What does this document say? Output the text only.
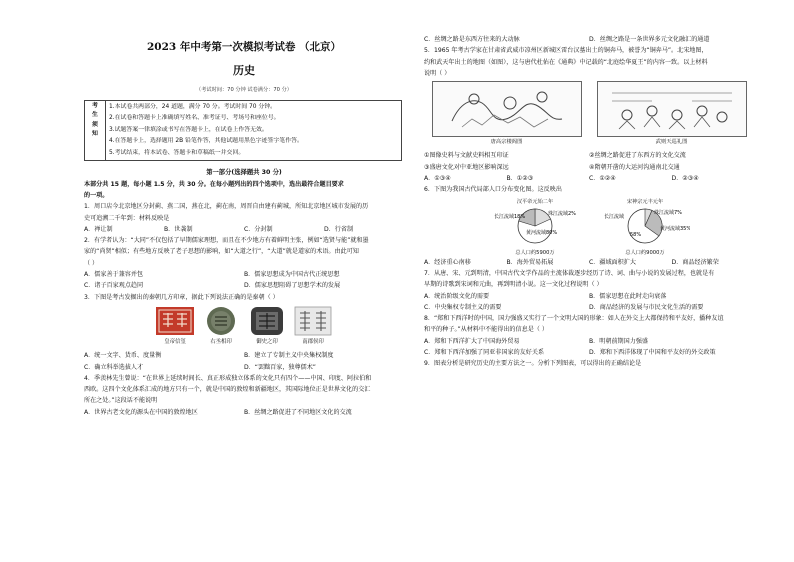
2023 年中考第一次模拟考试卷 （北京）
历史
（考试时间：70 分钟 试卷满分：70 分）
考
生
须
知

1.本试卷共两部分，24 道题，满分 70 分。考试时间 70 分钟。
2.在试卷和答题卡上准确填写姓名、准考证号、考场号和座位号。
3.试题答案一律填涂或书写在答题卡上，在试卷上作答无效。
4.在答题卡上，选择题用 2B 铅笔作答，其他试题用黑色字迹签字笔作答。
5.考试结束，将本试卷、答题卡和草稿纸一并交回。
第一部分(选择题共 30 分)
本部分共 15 题，每小题 1.5 分，共 30 分。在每小题列出的四个选项中，选出最符合题目要求
的一项。
1．周口店今北京地区分封蓟、燕二国，燕在北，蓟在南，周晋自由建有蓟城，所知北京地区城市发展的历
史可追溯二千年到：材料反映是
A．禅让制	B．世袭制	C．分封制	D．行省制
2．有学者认为：“大同”不仅包括了早期儒家理想，而且在不少地方有着鲜明主张，例如“选贤与能”就和墨
家的“尚贤”相似；有些地方反映了老子思想的影响，如“大道之行”，“大道”就是道家的术语。由此可知
（ ）
A．儒家善于兼容并包	B．儒家思想成为中国古代正统思想
C．诸子百家观点趋同	D．儒家思想阻碍了思想学术的发展
3．下图是考古发掘出的秦朝几方印章，据此下列说法正确的是秦朝（ ）
皇帝信玺	右丞相印	御史之印	南郡侯印
A．统一文字、货币、度量衡	B．建立了专制主义中央集权制度
C．确立科举选拔人才	D．“罢黜百家，独尊儒术”
4．季羡林先生曾说：“在世界上延续时间长、真正形成独立体系的文化只有四个——中国、印度、阿拉伯和
西欧。这四个文化体系汇成的地方只有一个，就是中国的敦煌和新疆地区，其国际地位正是世界文化的交汇
所在之处。”这段话不能说明
A．世界古老文化的源头在中国的敦煌地区	B．丝绸之路促进了不同地区文化的交流
C．丝绸之路是东西方往来的大动脉	D．丝绸之路是一条世界多元文化融汇的通道
5．1965 年考古学家在甘肃省武威市凉州区新城区雷台汉墓出土的铜奔马，被誉为“铜奔马”。北宋地图，
约和武天年出土的地图（如图），这与唐代杜佑在《通典》中记载的“北庭绘华夏王”的内容一致。以上材料
说明（ ）
唐高宗楼阁图	武则天巡礼图
①图像史料与文献史料相互印证	②丝绸之路促进了东西方的文化交流
③盛唐文化对中亚地区影响深远	④隋朝开凿的大运河沟通南北交通
A．①③④	B．①②③	C．①②④	D．②③④
6．下图为我国古代局部人口分布变化图。这反映出
汉平帝元始二年
长江流域18%	珠江流域2%
黄河流域80%
总人口约5900万
宋神宗元丰元年
长江流域
珠江流域7%
黄河流域35%
58%
总人口约9000万
A．经济重心南移	B．海外贸易拓展	C．疆域面积扩大	D．商品经济繁荣
7．从唐、宋、元到明清，中国古代文学作品的主流体裁逐步经历了诗、词、曲与小说的发展过程，也就是有
早期的诗歌到宋词和元曲，再到明清小说。这一文化过程说明（ ）
A．统治阶级文化的需要	B．儒家思想在此时走向衰落
C．中央集权专制主义的需要	D．商品经济的发展与市民文化生活的需要
8．“郑和下西洋时的中国，国力强盛又实行了一个文明大国的形象：如人在外交上大都保持和平友好，播种友谊
和平的种子。”从材料中不能得出的信息是（ ）
A．郑和下西洋扩大了中国海外贸易	B．明朝前期国力强盛
C．郑和下西洋加强了同亚非国家的友好关系	D．郑和下西洋体现了中国和平友好的外交政策
9．图表分析是研究历史的主要方法之一。分析下列图表，可以得出的正确结论是
